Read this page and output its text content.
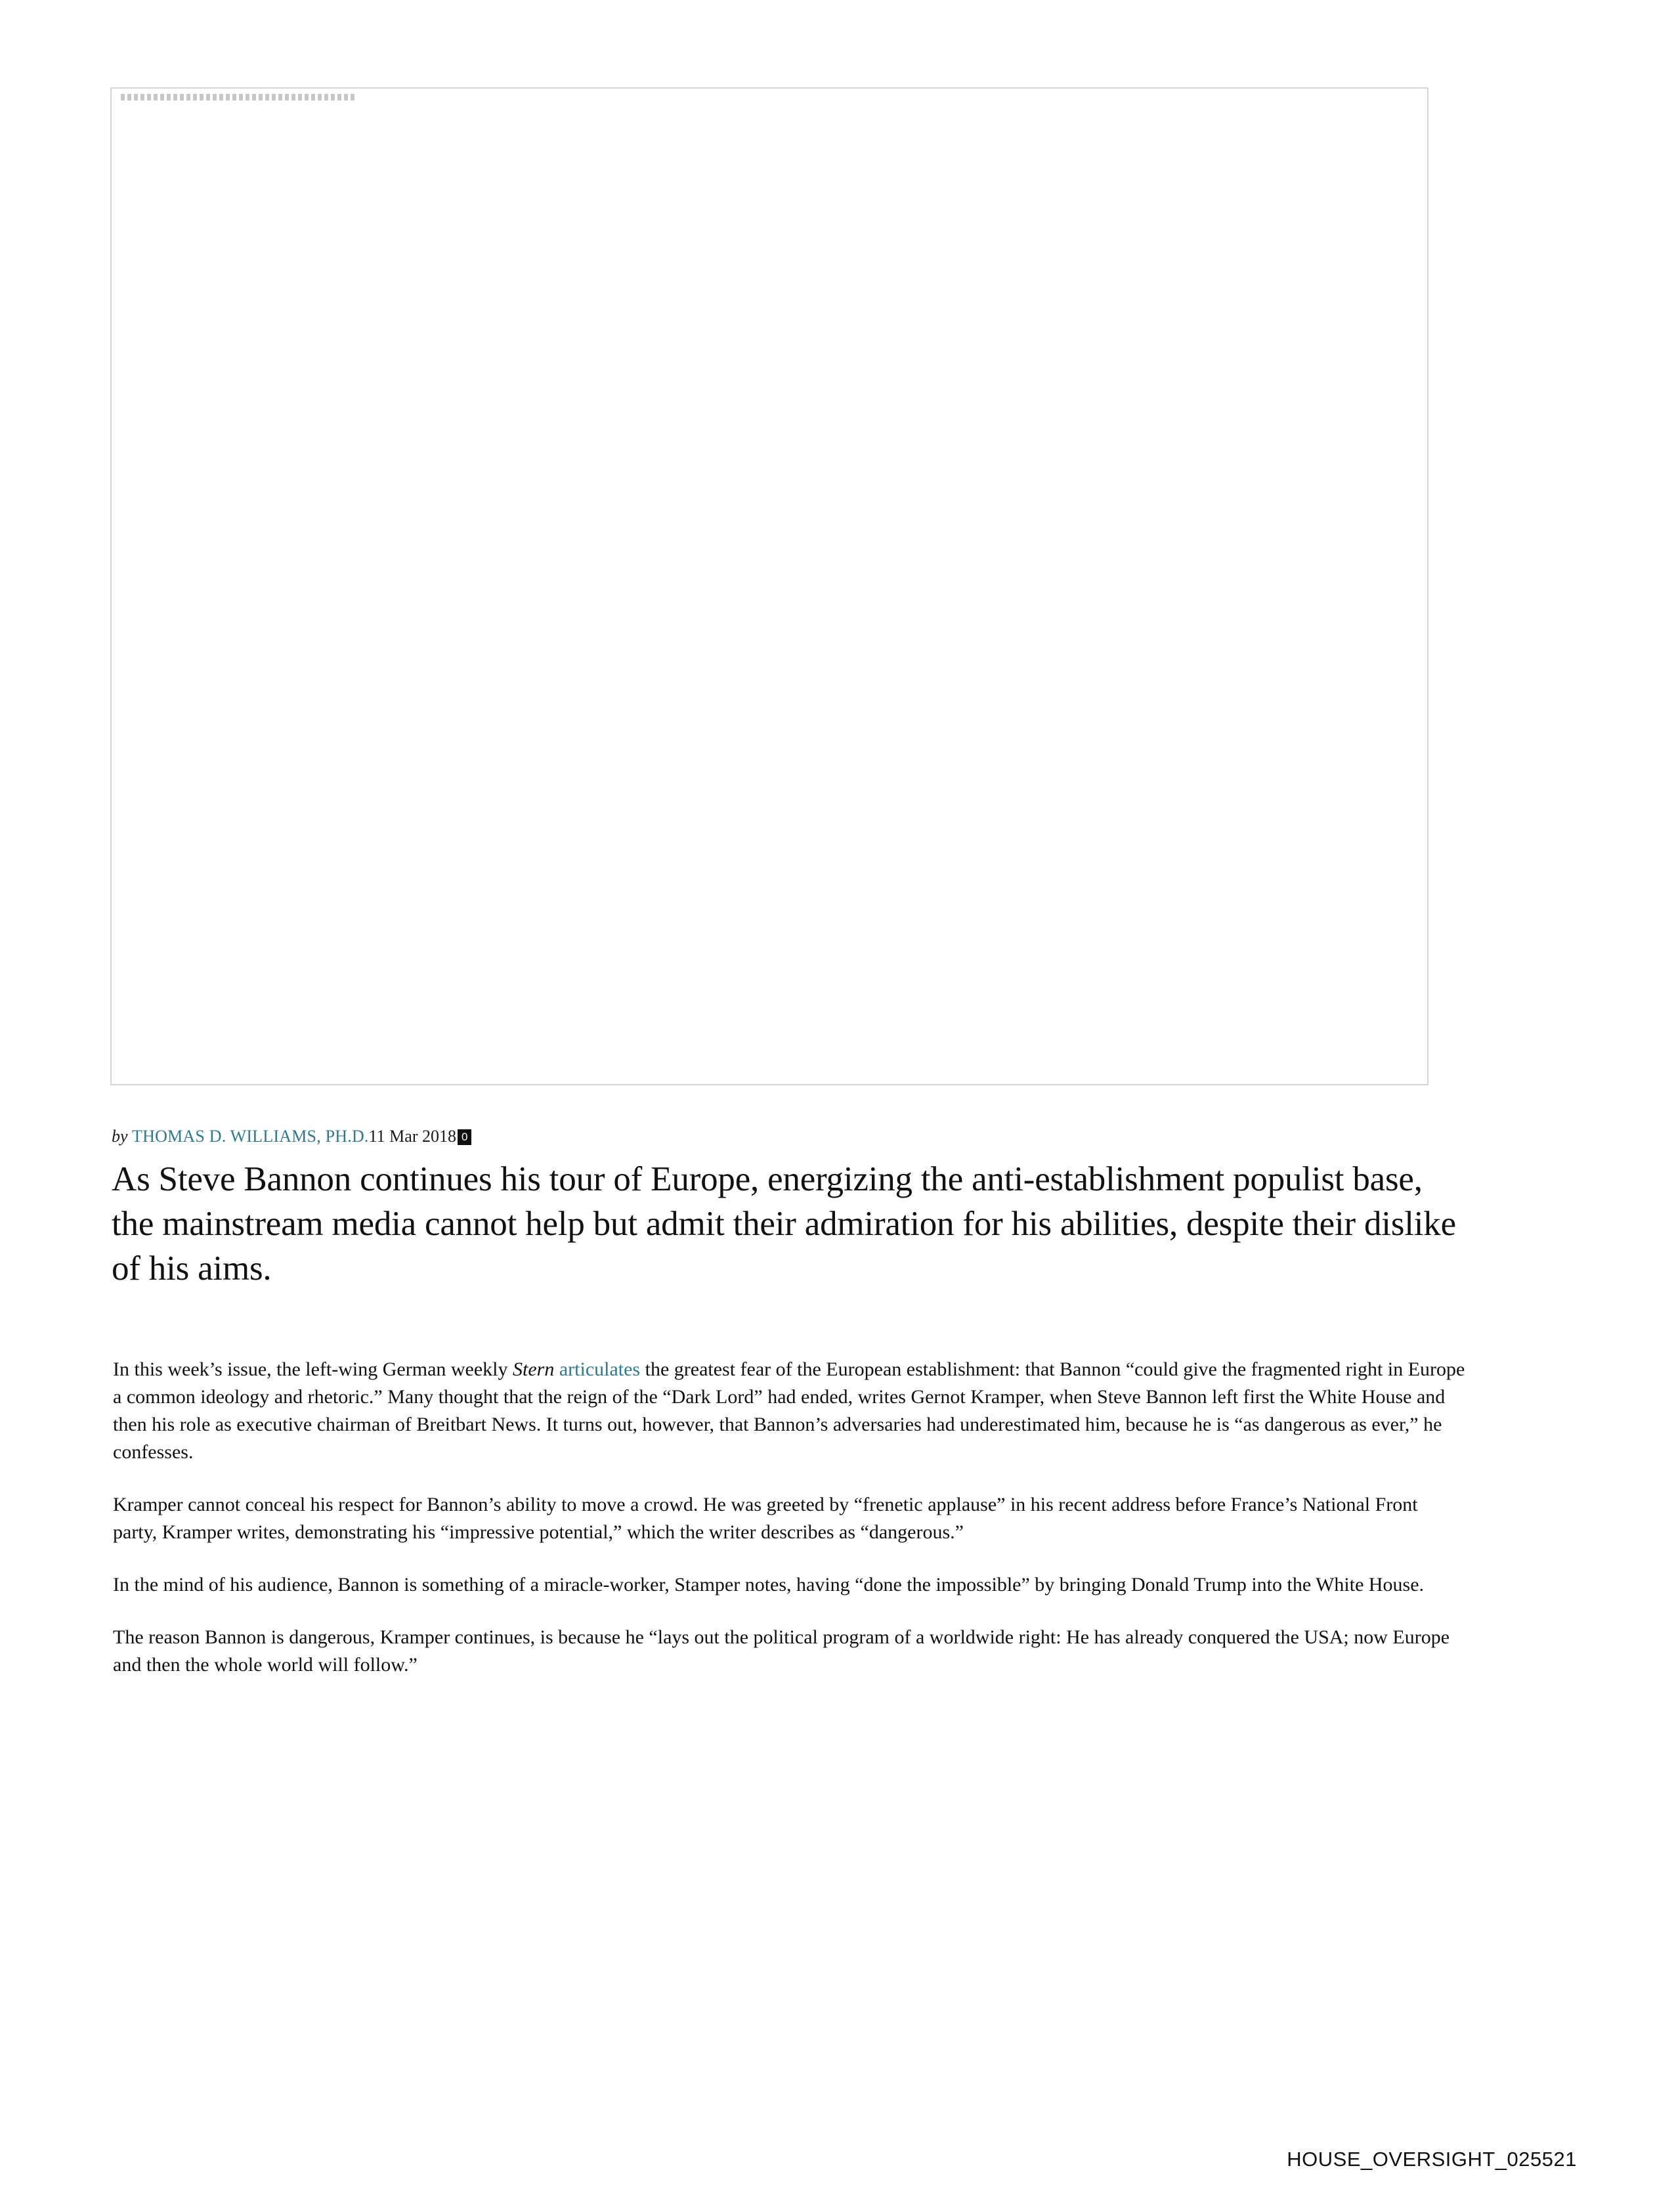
by THOMAS D. WILLIAMS, PH.D.11 Mar 2018 0
As Steve Bannon continues his tour of Europe, energizing the anti-establishment populist base, the mainstream media cannot help but admit their admiration for his abilities, despite their dislike of his aims.

In this week’s issue, the left-wing German weekly Stern articulates the greatest fear of the European establishment: that Bannon “could give the fragmented right in Europe a common ideology and rhetoric.” Many thought that the reign of the “Dark Lord” had ended, writes Gernot Kramper, when Steve Bannon left first the White House and then his role as executive chairman of Breitbart News. It turns out, however, that Bannon’s adversaries had underestimated him, because he is “as dangerous as ever,” he confesses.

Kramper cannot conceal his respect for Bannon’s ability to move a crowd. He was greeted by “frenetic applause” in his recent address before France’s National Front party, Kramper writes, demonstrating his “impressive potential,” which the writer describes as “dangerous.”

In the mind of his audience, Bannon is something of a miracle-worker, Stamper notes, having “done the impossible” by bringing Donald Trump into the White House.

The reason Bannon is dangerous, Kramper continues, is because he “lays out the political program of a worldwide right: He has already conquered the USA; now Europe and then the whole world will follow.”

HOUSE_OVERSIGHT_025521
